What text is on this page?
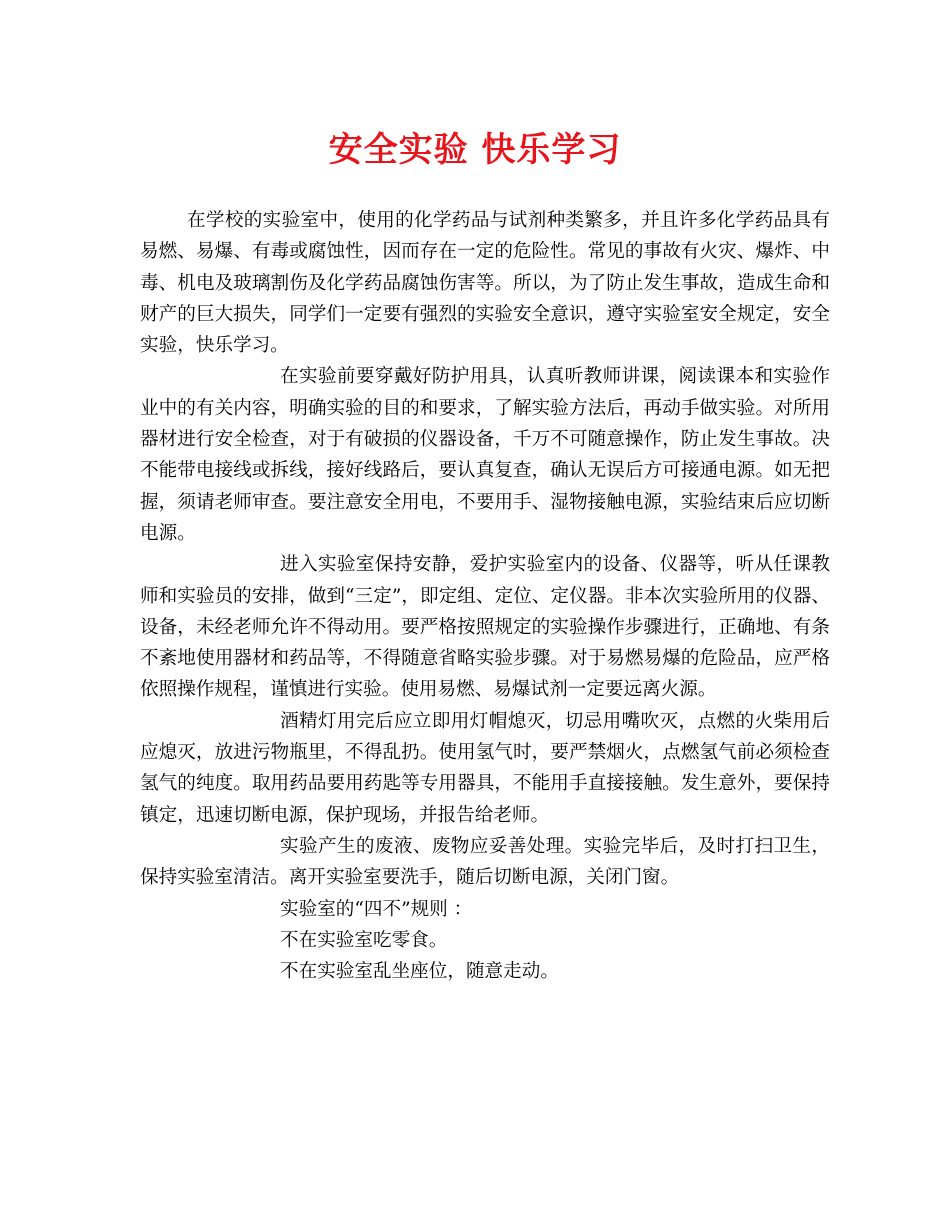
安全实验 快乐学习

在学校的实验室中，使用的化学药品与试剂种类繁多，并且许多化学药品具有易燃、易爆、有毒或腐蚀性，因而存在一定的危险性。常见的事故有火灾、爆炸、中毒、机电及玻璃割伤及化学药品腐蚀伤害等。所以，为了防止发生事故，造成生命和财产的巨大损失，同学们一定要有强烈的实验安全意识，遵守实验室安全规定，安全实验，快乐学习。

在实验前要穿戴好防护用具，认真听教师讲课，阅读课本和实验作业中的有关内容，明确实验的目的和要求，了解实验方法后，再动手做实验。对所用器材进行安全检查，对于有破损的仪器设备，千万不可随意操作，防止发生事故。决不能带电接线或拆线，接好线路后，要认真复查，确认无误后方可接通电源。如无把握，须请老师审查。要注意安全用电，不要用手、湿物接触电源，实验结束后应切断电源。

进入实验室保持安静，爱护实验室内的设备、仪器等，听从任课教师和实验员的安排，做到“三定”，即定组、定位、定仪器。非本次实验所用的仪器、设备，未经老师允许不得动用。要严格按照规定的实验操作步骤进行，正确地、有条不紊地使用器材和药品等，不得随意省略实验步骤。对于易燃易爆的危险品，应严格依照操作规程，谨慎进行实验。使用易燃、易爆试剂一定要远离火源。

酒精灯用完后应立即用灯帽熄灭，切忌用嘴吹灭，点燃的火柴用后应熄灭，放进污物瓶里，不得乱扔。使用氢气时，要严禁烟火，点燃氢气前必须检查氢气的纯度。取用药品要用药匙等专用器具，不能用手直接接触。发生意外，要保持镇定，迅速切断电源，保护现场，并报告给老师。

实验产生的废液、废物应妥善处理。实验完毕后，及时打扫卫生，保持实验室清洁。离开实验室要洗手，随后切断电源，关闭门窗。

实验室的“四不”规则 ：

不在实验室吃零食。

不在实验室乱坐座位，随意走动。
